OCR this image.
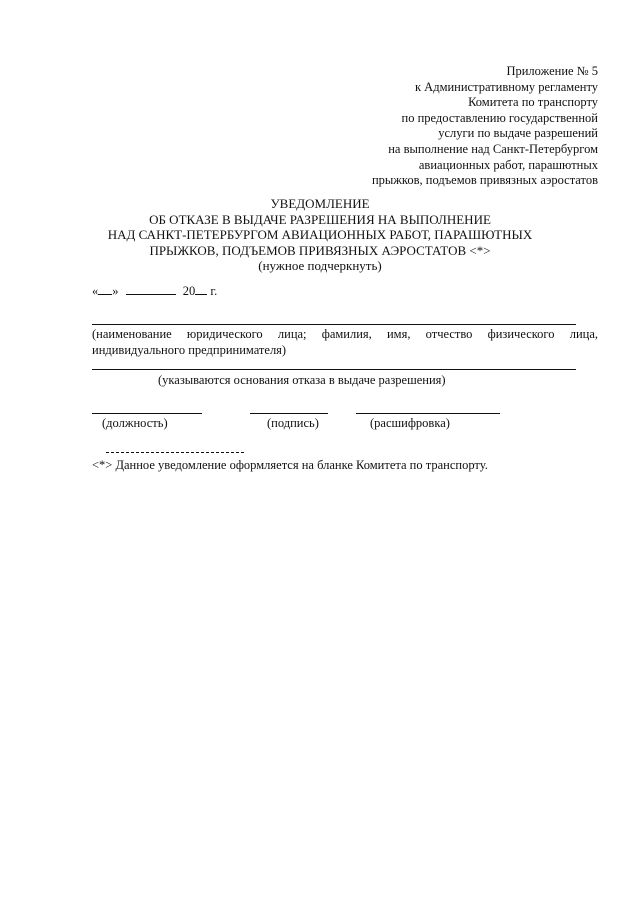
Приложение № 5
к Административному регламенту
Комитета по транспорту
по предоставлению государственной
услуги по выдаче разрешений
на выполнение над Санкт-Петербургом
авиационных работ, парашютных
прыжков, подъемов привязных аэростатов
УВЕДОМЛЕНИЕ
ОБ ОТКАЗЕ В ВЫДАЧЕ РАЗРЕШЕНИЯ НА ВЫПОЛНЕНИЕ
НАД САНКТ-ПЕТЕРБУРГОМ АВИАЦИОННЫХ РАБОТ, ПАРАШЮТНЫХ
ПРЫЖКОВ, ПОДЪЕМОВ ПРИВЯЗНЫХ АЭРОСТАТОВ <*>
(нужное подчеркнуть)
« »	20 г.
(наименование юридического лица; фамилия, имя, отчество физического лица, индивидуального предпринимателя)
(указываются основания отказа в выдаче разрешения)
(должность)	(подпись)	(расшифровка)
<*> Данное уведомление оформляется на бланке Комитета по транспорту.
